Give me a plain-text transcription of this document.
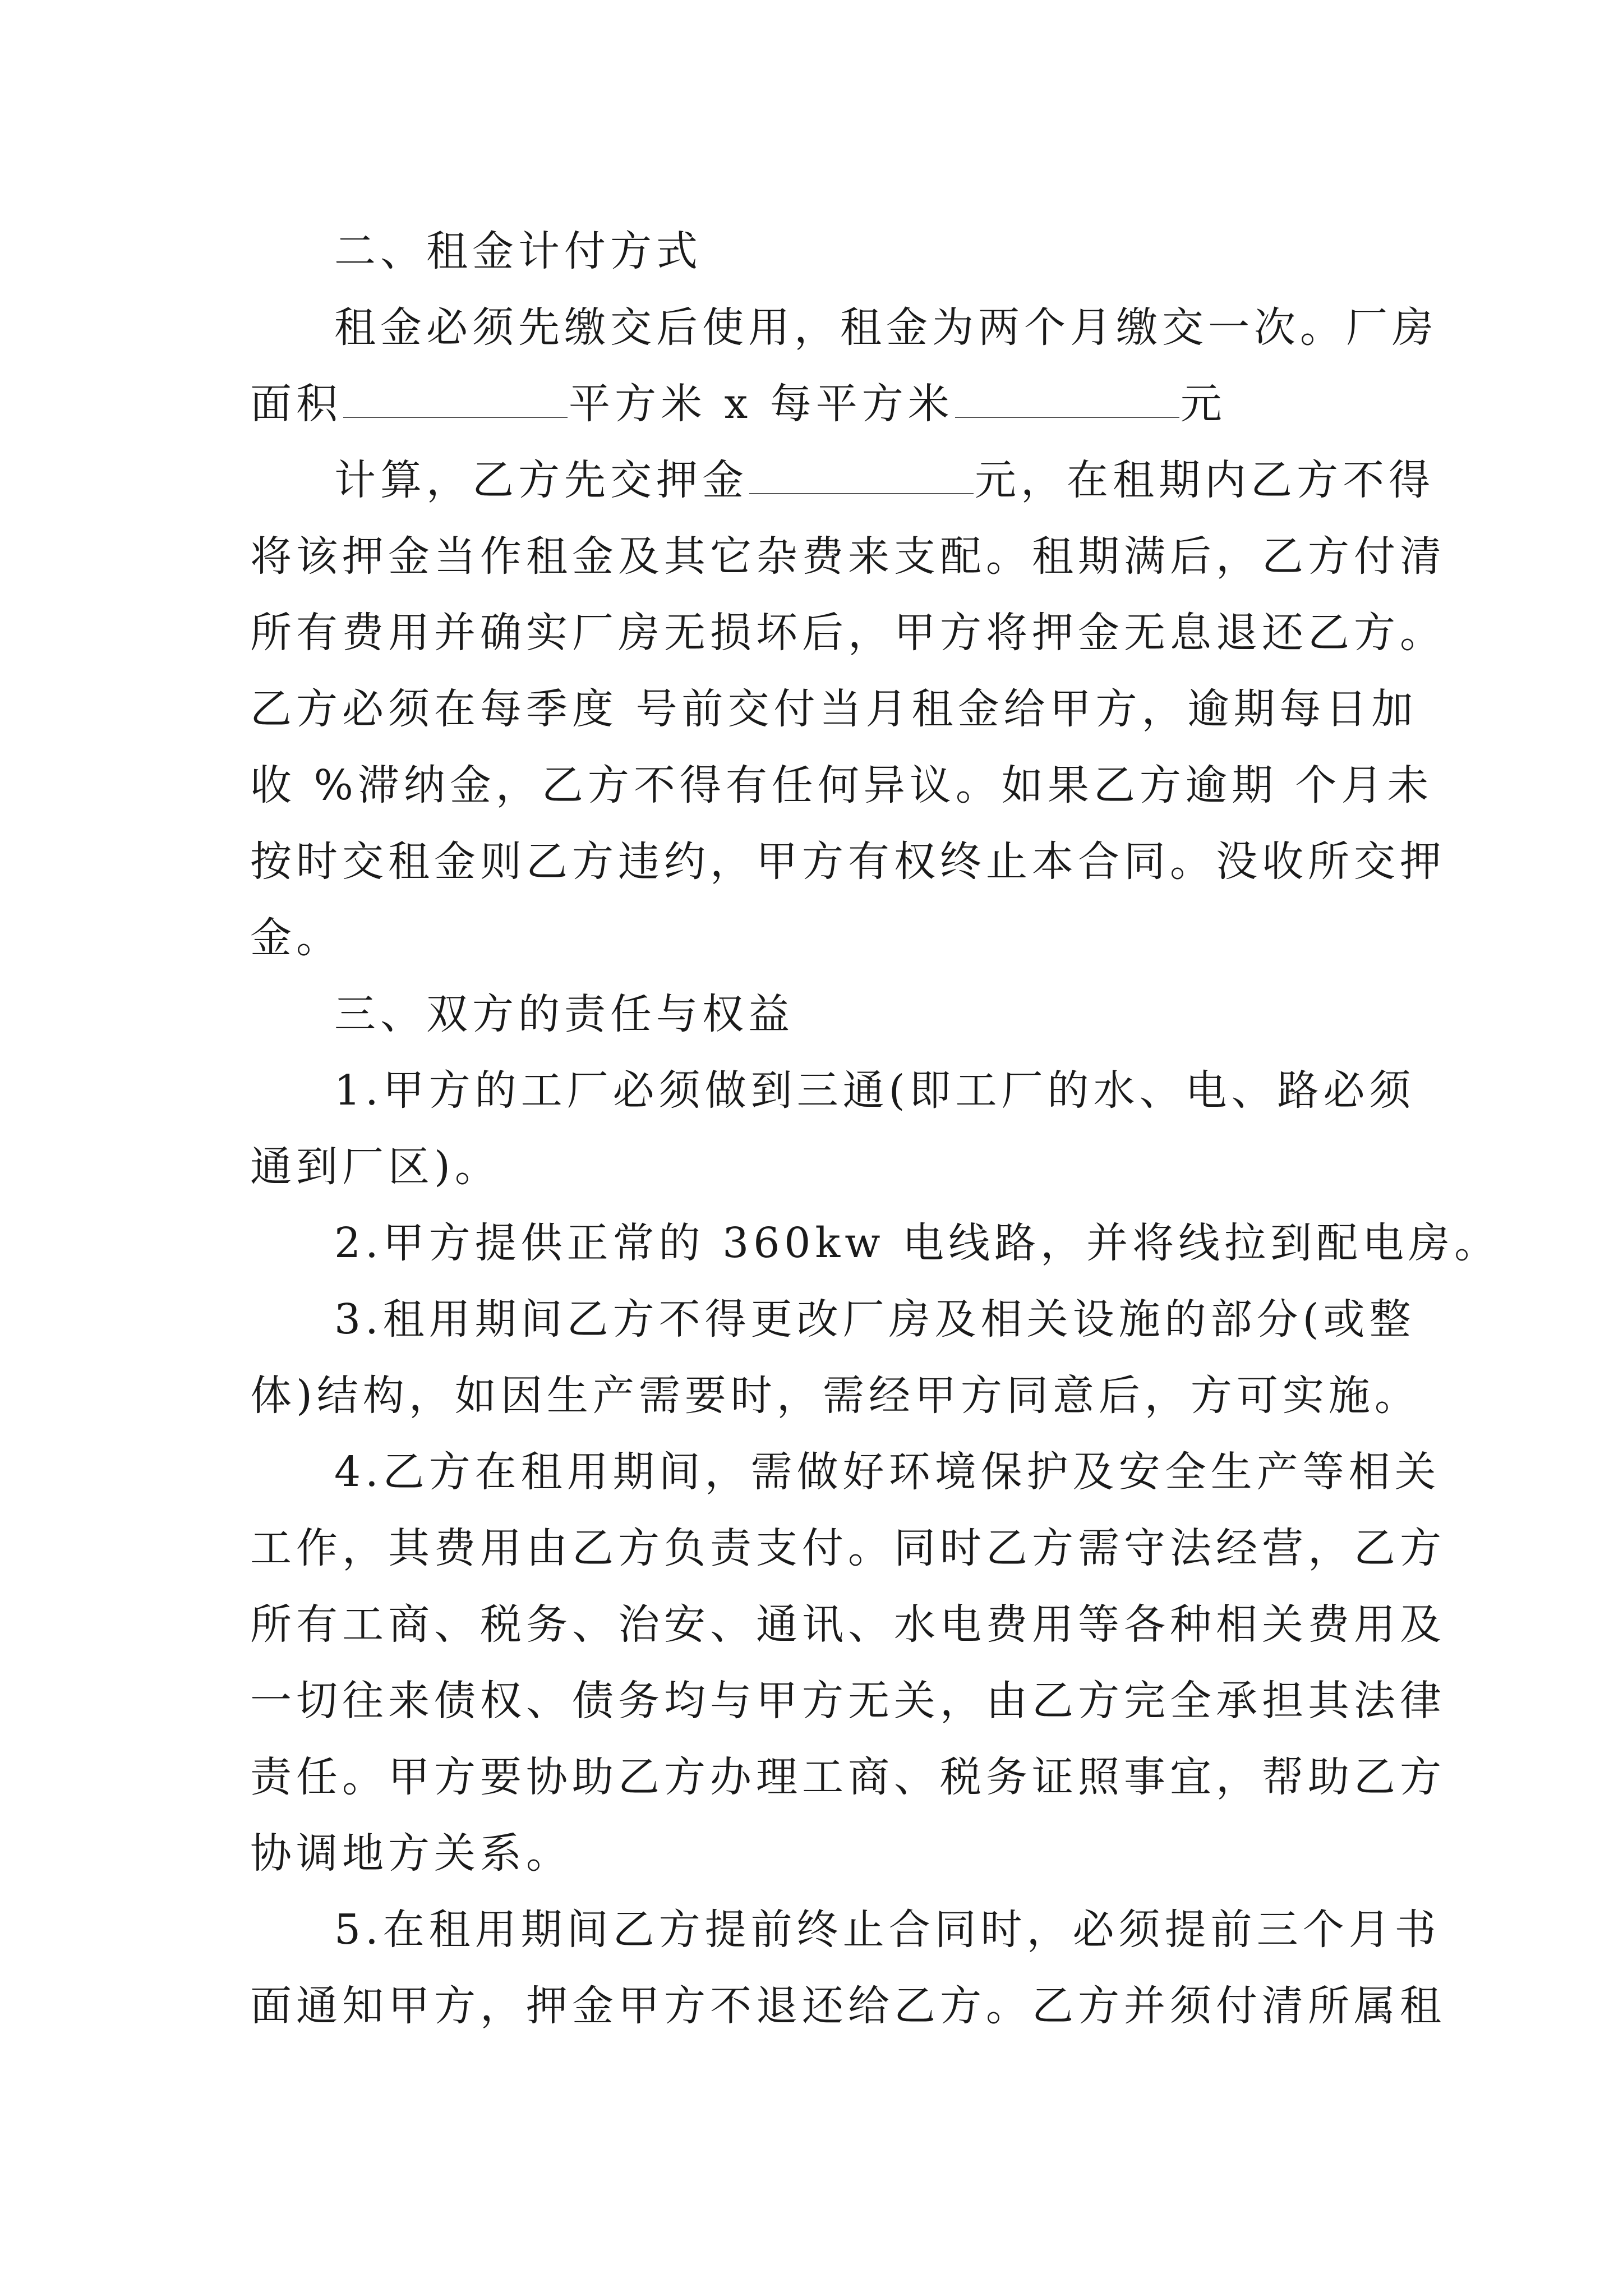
二、租金计付方式
租金必须先缴交后使用，租金为两个月缴交一次。厂房
面积	平方米 x 每平方米	元
计算，乙方先交押金	元，在租期内乙方不得
将该押金当作租金及其它杂费来支配。租期满后，乙方付清
所有费用并确实厂房无损坏后，甲方将押金无息退还乙方。
乙方必须在每季度 号前交付当月租金给甲方，逾期每日加
收 %滞纳金，乙方不得有任何异议。如果乙方逾期 个月未
按时交租金则乙方违约，甲方有权终止本合同。没收所交押
金。
三、双方的责任与权益
1.甲方的工厂必须做到三通(即工厂的水、电、路必须
通到厂区)。
2.甲方提供正常的 360kw 电线路，并将线拉到配电房。
3.租用期间乙方不得更改厂房及相关设施的部分(或整
体)结构，如因生产需要时，需经甲方同意后，方可实施。
4.乙方在租用期间，需做好环境保护及安全生产等相关
工作，其费用由乙方负责支付。同时乙方需守法经营，乙方
所有工商、税务、治安、通讯、水电费用等各种相关费用及
一切往来债权、债务均与甲方无关，由乙方完全承担其法律
责任。甲方要协助乙方办理工商、税务证照事宜，帮助乙方
协调地方关系。
5.在租用期间乙方提前终止合同时，必须提前三个月书
面通知甲方，押金甲方不退还给乙方。乙方并须付清所属租
